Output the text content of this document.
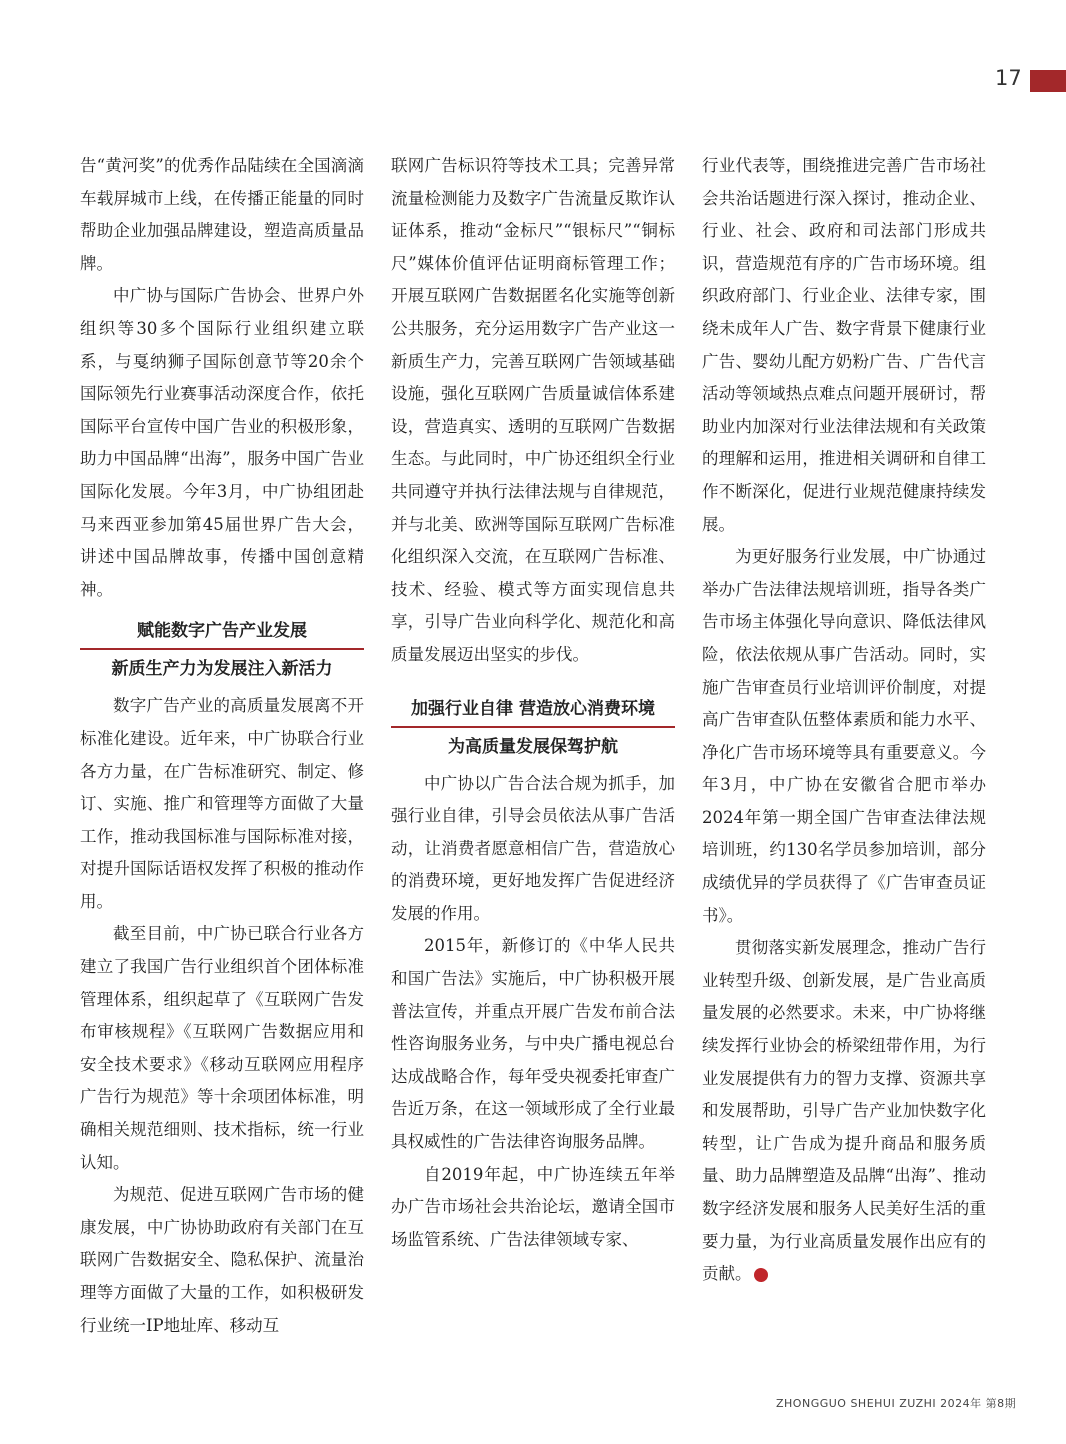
17

告“黄河奖”的优秀作品陆续在全国滴滴车载屏城市上线，在传播正能量的同时帮助企业加强品牌建设，塑造高质量品牌。

中广协与国际广告协会、世界户外组织等30多个国际行业组织建立联系，与戛纳狮子国际创意节等20余个国际领先行业赛事活动深度合作，依托国际平台宣传中国广告业的积极形象，助力中国品牌“出海”，服务中国广告业国际化发展。今年3月，中广协组团赴马来西亚参加第45届世界广告大会，讲述中国品牌故事，传播中国创意精神。

赋能数字广告产业发展
新质生产力为发展注入新活力

数字广告产业的高质量发展离不开标准化建设。近年来，中广协联合行业各方力量，在广告标准研究、制定、修订、实施、推广和管理等方面做了大量工作，推动我国标准与国际标准对接，对提升国际话语权发挥了积极的推动作用。

截至目前，中广协已联合行业各方建立了我国广告行业组织首个团体标准管理体系，组织起草了《互联网广告发布审核规程》《互联网广告数据应用和安全技术要求》《移动互联网应用程序广告行为规范》等十余项团体标准，明确相关规范细则、技术指标，统一行业认知。

为规范、促进互联网广告市场的健康发展，中广协协助政府有关部门在互联网广告数据安全、隐私保护、流量治理等方面做了大量的工作，如积极研发行业统一IP地址库、移动互

联网广告标识符等技术工具；完善异常流量检测能力及数字广告流量反欺诈认证体系，推动“金标尺”“银标尺”“铜标尺”媒体价值评估证明商标管理工作；开展互联网广告数据匿名化实施等创新公共服务，充分运用数字广告产业这一新质生产力，完善互联网广告领域基础设施，强化互联网广告质量诚信体系建设，营造真实、透明的互联网广告数据生态。与此同时，中广协还组织全行业共同遵守并执行法律法规与自律规范，并与北美、欧洲等国际互联网广告标准化组织深入交流，在互联网广告标准、技术、经验、模式等方面实现信息共享，引导广告业向科学化、规范化和高质量发展迈出坚实的步伐。

加强行业自律 营造放心消费环境
为高质量发展保驾护航

中广协以广告合法合规为抓手，加强行业自律，引导会员依法从事广告活动，让消费者愿意相信广告，营造放心的消费环境，更好地发挥广告促进经济发展的作用。

2015年，新修订的《中华人民共和国广告法》实施后，中广协积极开展普法宣传，并重点开展广告发布前合法性咨询服务业务，与中央广播电视总台达成战略合作，每年受央视委托审查广告近万条，在这一领域形成了全行业最具权威性的广告法律咨询服务品牌。

自2019年起，中广协连续五年举办广告市场社会共治论坛，邀请全国市场监管系统、广告法律领域专家、

行业代表等，围绕推进完善广告市场社会共治话题进行深入探讨，推动企业、行业、社会、政府和司法部门形成共识，营造规范有序的广告市场环境。组织政府部门、行业企业、法律专家，围绕未成年人广告、数字背景下健康行业广告、婴幼儿配方奶粉广告、广告代言活动等领域热点难点问题开展研讨，帮助业内加深对行业法律法规和有关政策的理解和运用，推进相关调研和自律工作不断深化，促进行业规范健康持续发展。

为更好服务行业发展，中广协通过举办广告法律法规培训班，指导各类广告市场主体强化导向意识、降低法律风险，依法依规从事广告活动。同时，实施广告审查员行业培训评价制度，对提高广告审查队伍整体素质和能力水平、净化广告市场环境等具有重要意义。今年3月，中广协在安徽省合肥市举办2024年第一期全国广告审查法律法规培训班，约130名学员参加培训，部分成绩优异的学员获得了《广告审查员证书》。

贯彻落实新发展理念，推动广告行业转型升级、创新发展，是广告业高质量发展的必然要求。未来，中广协将继续发挥行业协会的桥梁纽带作用，为行业发展提供有力的智力支撑、资源共享和发展帮助，引导广告产业加快数字化转型，让广告成为提升商品和服务质量、助力品牌塑造及品牌“出海”、推动数字经济发展和服务人民美好生活的重要力量，为行业高质量发展作出应有的贡献。

ZHONGGUO SHEHUI ZUZHI 2024年 第8期
